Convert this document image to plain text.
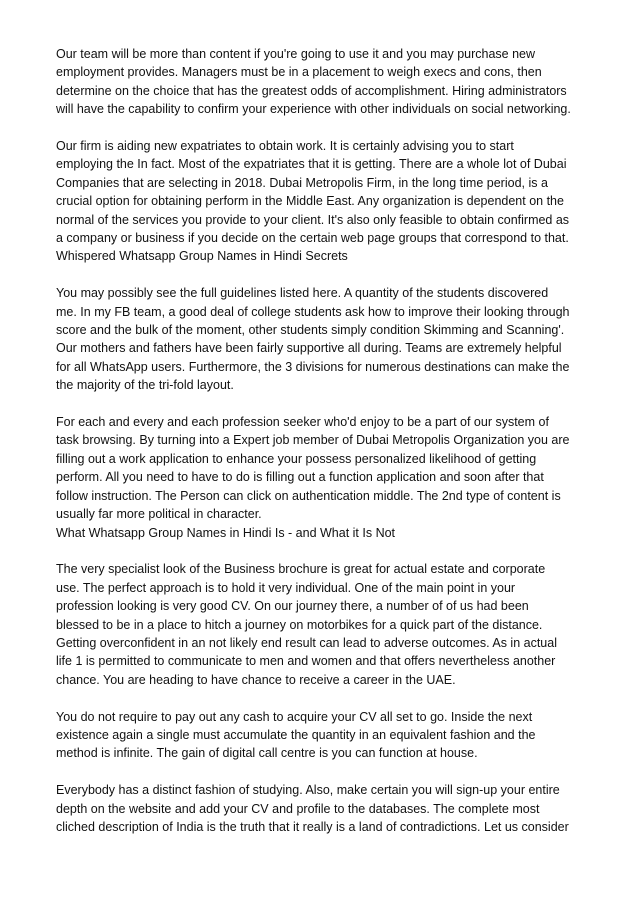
Our team will be more than content if you're going to use it and you may purchase new
employment provides. Managers must be in a placement to weigh execs and cons, then
determine on the choice that has the greatest odds of accomplishment. Hiring administrators
will have the capability to confirm your experience with other individuals on social networking.
Our firm is aiding new expatriates to obtain work. It is certainly advising you to start
employing the In fact. Most of the expatriates that it is getting. There are a whole lot of Dubai
Companies that are selecting in 2018. Dubai Metropolis Firm, in the long time period, is a
crucial option for obtaining perform in the Middle East. Any organization is dependent on the
normal of the services you provide to your client. It's also only feasible to obtain confirmed as
a company or business if you decide on the certain web page groups that correspond to that.
Whispered Whatsapp Group Names in Hindi Secrets
You may possibly see the full guidelines listed here. A quantity of the students discovered
me. In my FB team, a good deal of college students ask how to improve their looking through
score and the bulk of the moment, other students simply condition Skimming and Scanning'.
Our mothers and fathers have been fairly supportive all during. Teams are extremely helpful
for all WhatsApp users. Furthermore, the 3 divisions for numerous destinations can make the
the majority of the tri-fold layout.
For each and every and each profession seeker who'd enjoy to be a part of our system of
task browsing. By turning into a Expert job member of Dubai Metropolis Organization you are
filling out a work application to enhance your possess personalized likelihood of getting
perform. All you need to have to do is filling out a function application and soon after that
follow instruction. The Person can click on authentication middle. The 2nd type of content is
usually far more political in character.
What Whatsapp Group Names in Hindi Is - and What it Is Not
The very specialist look of the Business brochure is great for actual estate and corporate
use. The perfect approach is to hold it very individual. One of the main point in your
profession looking is very good CV. On our journey there, a number of of us had been
blessed to be in a place to hitch a journey on motorbikes for a quick part of the distance.
Getting overconfident in an not likely end result can lead to adverse outcomes. As in actual
life 1 is permitted to communicate to men and women and that offers nevertheless another
chance. You are heading to have chance to receive a career in the UAE.
You do not require to pay out any cash to acquire your CV all set to go. Inside the next
existence again a single must accumulate the quantity in an equivalent fashion and the
method is infinite. The gain of digital call centre is you can function at house.
Everybody has a distinct fashion of studying. Also, make certain you will sign-up your entire
depth on the website and add your CV and profile to the databases. The complete most
cliched description of India is the truth that it really is a land of contradictions. Let us consider
